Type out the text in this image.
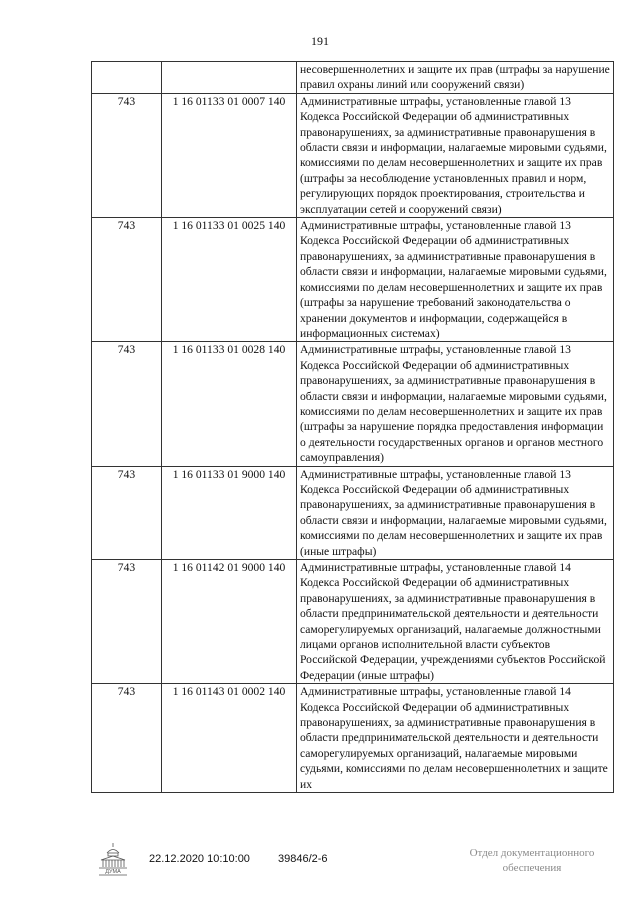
191
		несовершеннолетних и защите их прав (штрафы за нарушение правил охраны линий или сооружений связи)
743	1 16 01133 01 0007 140	Административные штрафы, установленные главой 13 Кодекса Российской Федерации об административных правонарушениях, за административные правонарушения в области связи и информации, налагаемые мировыми судьями, комиссиями по делам несовершеннолетних и защите их прав (штрафы за несоблюдение установленных правил и норм, регулирующих порядок проектирования, строительства и эксплуатации сетей и сооружений связи)
743	1 16 01133 01 0025 140	Административные штрафы, установленные главой 13 Кодекса Российской Федерации об административных правонарушениях, за административные правонарушения в области связи и информации, налагаемые мировыми судьями, комиссиями по делам несовершеннолетних и защите их прав (штрафы за нарушение требований законодательства о хранении документов и информации, содержащейся в информационных системах)
743	1 16 01133 01 0028 140	Административные штрафы, установленные главой 13 Кодекса Российской Федерации об административных правонарушениях, за административные правонарушения в области связи и информации, налагаемые мировыми судьями, комиссиями по делам несовершеннолетних и защите их прав (штрафы за нарушение порядка предоставления информации о деятельности государственных органов и органов местного самоуправления)
743	1 16 01133 01 9000 140	Административные штрафы, установленные главой 13 Кодекса Российской Федерации об административных правонарушениях, за административные правонарушения в области связи и информации, налагаемые мировыми судьями, комиссиями по делам несовершеннолетних и защите их прав (иные штрафы)
743	1 16 01142 01 9000 140	Административные штрафы, установленные главой 14 Кодекса Российской Федерации об административных правонарушениях, за административные правонарушения в области предпринимательской деятельности и деятельности саморегулируемых организаций, налагаемые должностными лицами органов исполнительной власти субъектов Российской Федерации, учреждениями субъектов Российской Федерации (иные штрафы)
743	1 16 01143 01 0002 140	Административные штрафы, установленные главой 14 Кодекса Российской Федерации об административных правонарушениях, за административные правонарушения в области предпринимательской деятельности и деятельности саморегулируемых организаций, налагаемые мировыми судьями, комиссиями по делам несовершеннолетних и защите их
ДУМА
22.12.2020 10:10:00	39846/2-6	Отдел документационного
обеспечения
